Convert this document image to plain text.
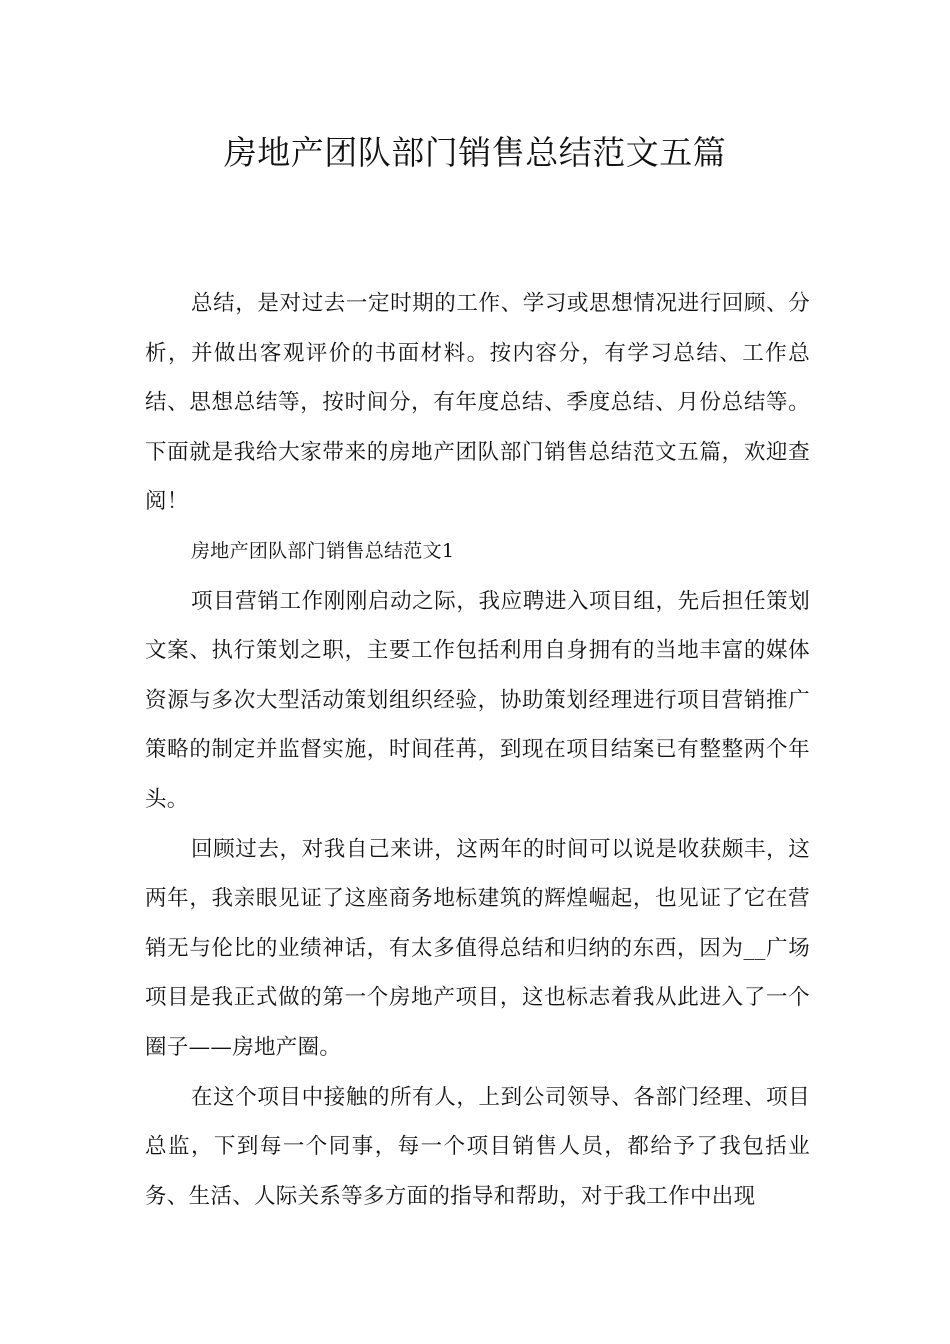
房地产团队部门销售总结范文五篇

总结，是对过去一定时期的工作、学习或思想情况进行回顾、分析，并做出客观评价的书面材料。按内容分，有学习总结、工作总结、思想总结等，按时间分，有年度总结、季度总结、月份总结等。下面就是我给大家带来的房地产团队部门销售总结范文五篇，欢迎查阅！

房地产团队部门销售总结范文1

项目营销工作刚刚启动之际，我应聘进入项目组，先后担任策划文案、执行策划之职，主要工作包括利用自身拥有的当地丰富的媒体资源与多次大型活动策划组织经验，协助策划经理进行项目营销推广策略的制定并监督实施，时间荏苒，到现在项目结案已有整整两个年头。

回顾过去，对我自己来讲，这两年的时间可以说是收获颇丰，这两年，我亲眼见证了这座商务地标建筑的辉煌崛起，也见证了它在营销无与伦比的业绩神话，有太多值得总结和归纳的东西，因为__广场项目是我正式做的第一个房地产项目，这也标志着我从此进入了一个圈子——房地产圈。

在这个项目中接触的所有人，上到公司领导、各部门经理、项目总监，下到每一个同事，每一个项目销售人员，都给予了我包括业务、生活、人际关系等多方面的指导和帮助，对于我工作中出现
